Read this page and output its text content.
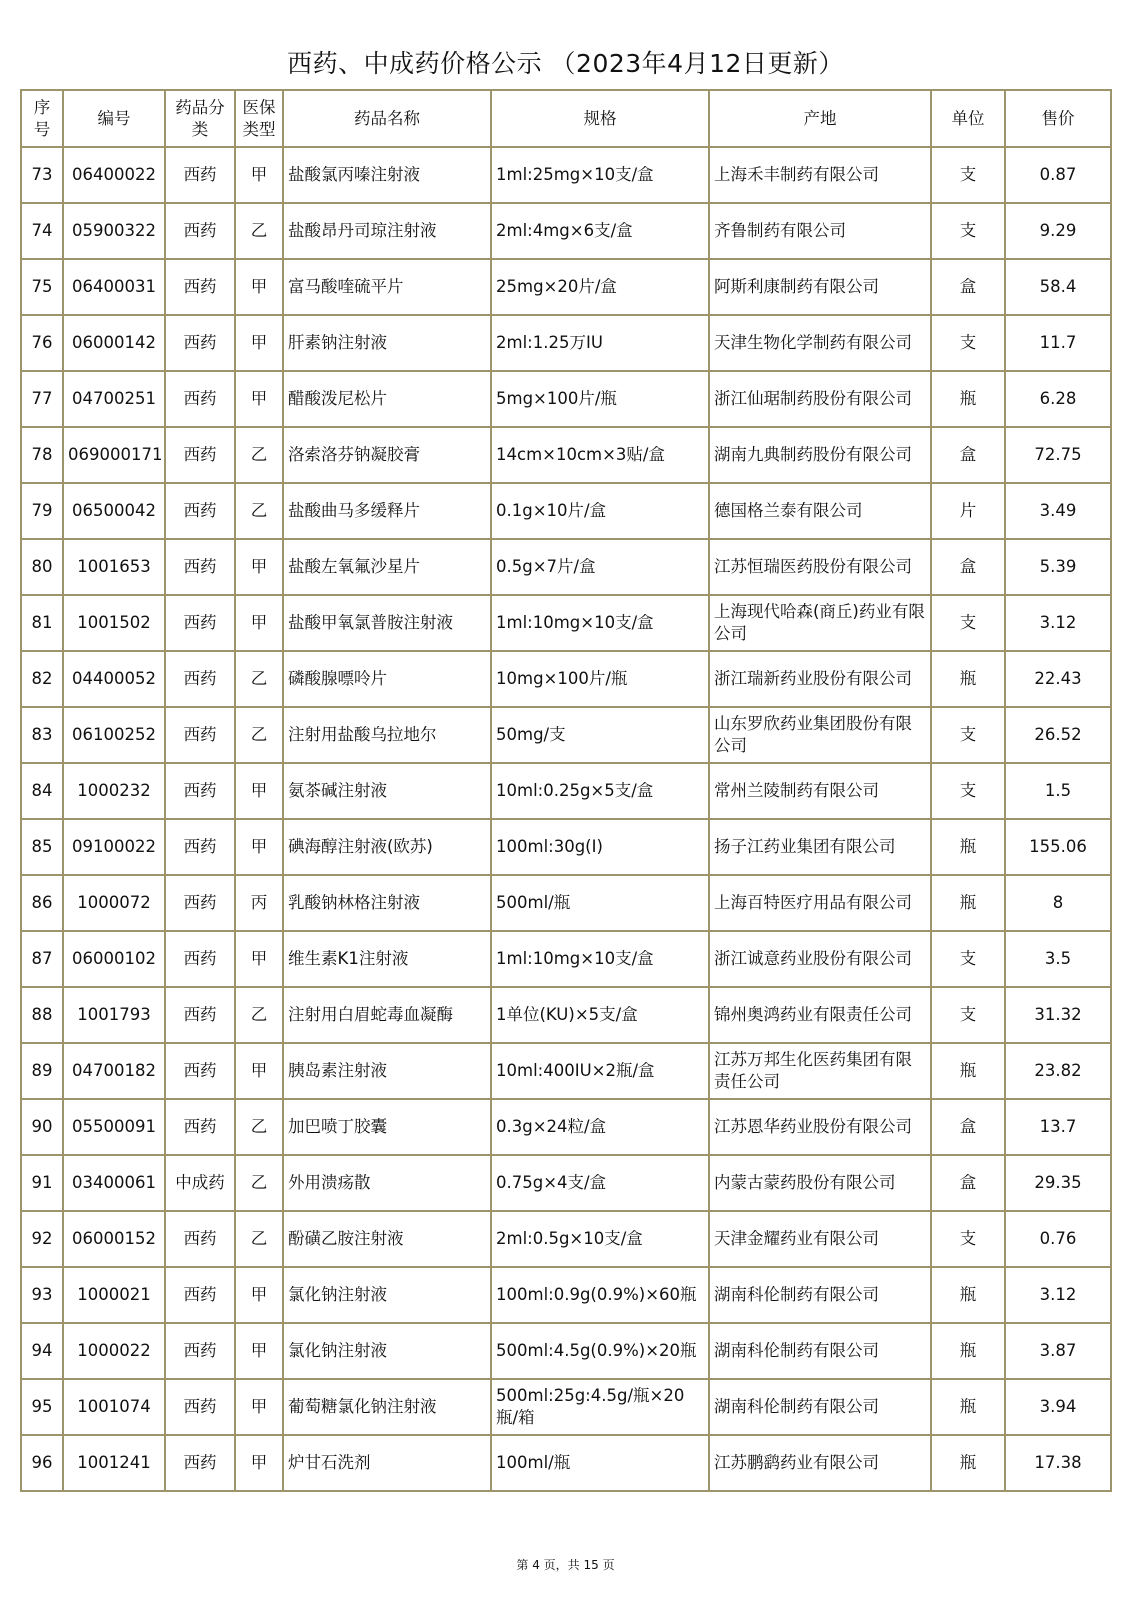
西药、中成药价格公示 （2023年4月12日更新）
序号	编号	药品分类	医保类型	药品名称	规格	产地	单位	售价
73	06400022	西药	甲	盐酸氯丙嗪注射液	1ml:25mg×10支/盒	上海禾丰制药有限公司	支	0.87
74	05900322	西药	乙	盐酸昂丹司琼注射液	2ml:4mg×6支/盒	齐鲁制药有限公司	支	9.29
75	06400031	西药	甲	富马酸喹硫平片	25mg×20片/盒	阿斯利康制药有限公司	盒	58.4
76	06000142	西药	甲	肝素钠注射液	2ml:1.25万IU	天津生物化学制药有限公司	支	11.7
77	04700251	西药	甲	醋酸泼尼松片	5mg×100片/瓶	浙江仙琚制药股份有限公司	瓶	6.28
78	069000171	西药	乙	洛索洛芬钠凝胶膏	14cm×10cm×3贴/盒	湖南九典制药股份有限公司	盒	72.75
79	06500042	西药	乙	盐酸曲马多缓释片	0.1g×10片/盒	德国格兰泰有限公司	片	3.49
80	1001653	西药	甲	盐酸左氧氟沙星片	0.5g×7片/盒	江苏恒瑞医药股份有限公司	盒	5.39
81	1001502	西药	甲	盐酸甲氧氯普胺注射液	1ml:10mg×10支/盒	上海现代哈森(商丘)药业有限公司	支	3.12
82	04400052	西药	乙	磷酸腺嘌呤片	10mg×100片/瓶	浙江瑞新药业股份有限公司	瓶	22.43
83	06100252	西药	乙	注射用盐酸乌拉地尔	50mg/支	山东罗欣药业集团股份有限公司	支	26.52
84	1000232	西药	甲	氨茶碱注射液	10ml:0.25g×5支/盒	常州兰陵制药有限公司	支	1.5
85	09100022	西药	甲	碘海醇注射液(欧苏)	100ml:30g(I)	扬子江药业集团有限公司	瓶	155.06
86	1000072	西药	丙	乳酸钠林格注射液	500ml/瓶	上海百特医疗用品有限公司	瓶	8
87	06000102	西药	甲	维生素K1注射液	1ml:10mg×10支/盒	浙江诚意药业股份有限公司	支	3.5
88	1001793	西药	乙	注射用白眉蛇毒血凝酶	1单位(KU)×5支/盒	锦州奥鸿药业有限责任公司	支	31.32
89	04700182	西药	甲	胰岛素注射液	10ml:400IU×2瓶/盒	江苏万邦生化医药集团有限责任公司	瓶	23.82
90	05500091	西药	乙	加巴喷丁胶囊	0.3g×24粒/盒	江苏恩华药业股份有限公司	盒	13.7
91	03400061	中成药	乙	外用溃疡散	0.75g×4支/盒	内蒙古蒙药股份有限公司	盒	29.35
92	06000152	西药	乙	酚磺乙胺注射液	2ml:0.5g×10支/盒	天津金耀药业有限公司	支	0.76
93	1000021	西药	甲	氯化钠注射液	100ml:0.9g(0.9%)×60瓶	湖南科伦制药有限公司	瓶	3.12
94	1000022	西药	甲	氯化钠注射液	500ml:4.5g(0.9%)×20瓶	湖南科伦制药有限公司	瓶	3.87
95	1001074	西药	甲	葡萄糖氯化钠注射液	500ml:25g:4.5g/瓶×20瓶/箱	湖南科伦制药有限公司	瓶	3.94
96	1001241	西药	甲	炉甘石洗剂	100ml/瓶	江苏鹏鹞药业有限公司	瓶	17.38
第 4 页，共 15 页
